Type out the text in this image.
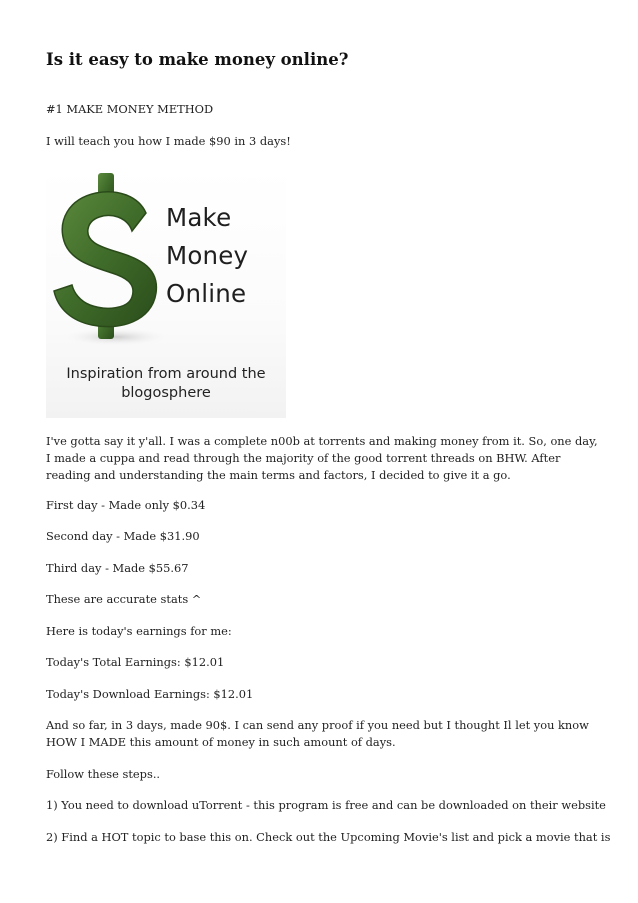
Is it easy to make money online?

#1 MAKE MONEY METHOD

I will teach you how I made $90 in 3 days!

Make
Money
Online
Inspiration from around the
blogosphere

I've gotta say it y'all. I was a complete n00b at torrents and making money from it. So, one day, I made a cuppa and read through the majority of the good torrent threads on BHW. After reading and understanding the main terms and factors, I decided to give it a go.

First day - Made only $0.34

Second day - Made $31.90

Third day - Made $55.67

These are accurate stats ^

Here is today's earnings for me:

Today's Total Earnings: $12.01

Today's Download Earnings: $12.01

And so far, in 3 days, made 90$. I can send any proof if you need but I thought Il let you know HOW I MADE this amount of money in such amount of days.

Follow these steps..

1) You need to download uTorrent - this program is free and can be downloaded on their website

2) Find a HOT topic to base this on. Check out the Upcoming Movie's list and pick a movie that is
